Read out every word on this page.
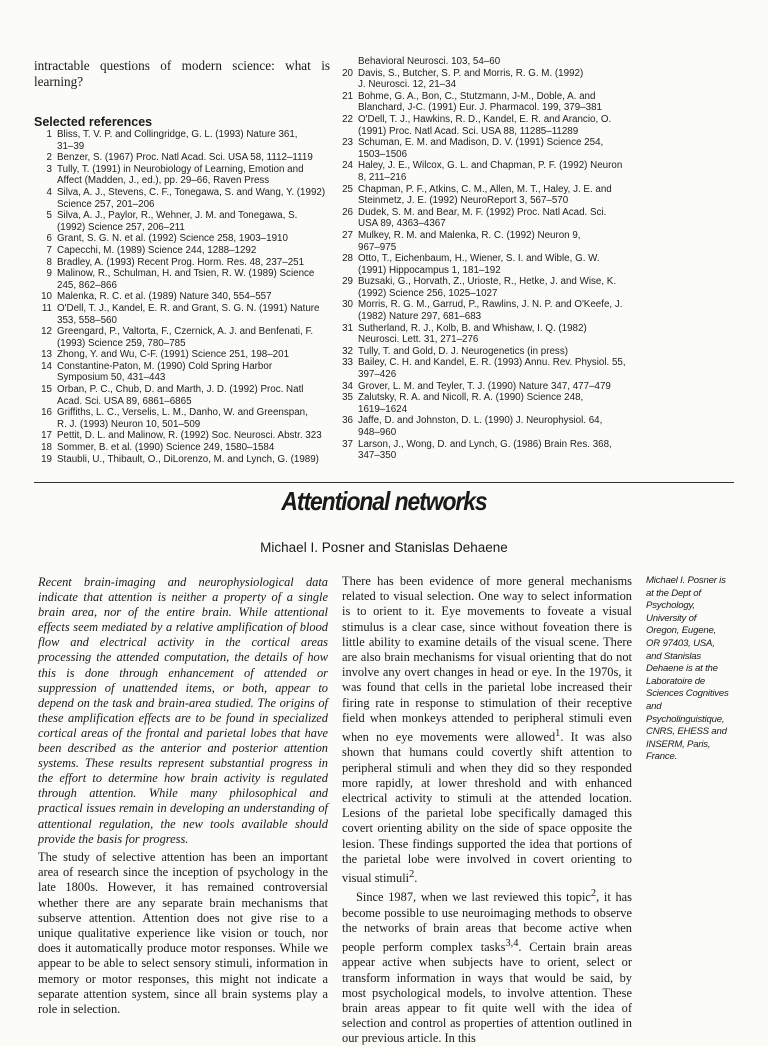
intractable questions of modern science: what is learning?
Selected references
1 Bliss, T. V. P. and Collingridge, G. L. (1993) Nature 361,
31–39
2 Benzer, S. (1967) Proc. Natl Acad. Sci. USA 58, 1112–1119
3 Tully, T. (1991) in Neurobiology of Learning, Emotion and
Affect (Madden, J., ed.), pp. 29–66, Raven Press
4 Silva, A. J., Stevens, C. F., Tonegawa, S. and Wang, Y. (1992)
Science 257, 201–206
5 Silva, A. J., Paylor, R., Wehner, J. M. and Tonegawa, S.
(1992) Science 257, 206–211
6 Grant, S. G. N. et al. (1992) Science 258, 1903–1910
7 Capecchi, M. (1989) Science 244, 1288–1292
8 Bradley, A. (1993) Recent Prog. Horm. Res. 48, 237–251
9 Malinow, R., Schulman, H. and Tsien, R. W. (1989) Science
245, 862–866
10 Malenka, R. C. et al. (1989) Nature 340, 554–557
11 O'Dell, T. J., Kandel, E. R. and Grant, S. G. N. (1991) Nature
353, 558–560
12 Greengard, P., Valtorta, F., Czernick, A. J. and Benfenati, F.
(1993) Science 259, 780–785
13 Zhong, Y. and Wu, C-F. (1991) Science 251, 198–201
14 Constantine-Paton, M. (1990) Cold Spring Harbor
Symposium 50, 431–443
15 Orban, P. C., Chub, D. and Marth, J. D. (1992) Proc. Natl
Acad. Sci. USA 89, 6861–6865
16 Griffiths, L. C., Verselis, L. M., Danho, W. and Greenspan,
R. J. (1993) Neuron 10, 501–509
17 Pettit, D. L. and Malinow, R. (1992) Soc. Neurosci. Abstr. 323
18 Sommer, B. et al. (1990) Science 249, 1580–1584
19 Staubli, U., Thibault, O., DiLorenzo, M. and Lynch, G. (1989)
Behavioral Neurosci. 103, 54–60
20 Davis, S., Butcher, S. P. and Morris, R. G. M. (1992)
J. Neurosci. 12, 21–34
21 Bohme, G. A., Bon, C., Stutzmann, J-M., Doble, A. and
Blanchard, J-C. (1991) Eur. J. Pharmacol. 199, 379–381
22 O'Dell, T. J., Hawkins, R. D., Kandel, E. R. and Arancio, O.
(1991) Proc. Natl Acad. Sci. USA 88, 11285–11289
23 Schuman, E. M. and Madison, D. V. (1991) Science 254,
1503–1506
24 Haley, J. E., Wilcox, G. L. and Chapman, P. F. (1992) Neuron
8, 211–216
25 Chapman, P. F., Atkins, C. M., Allen, M. T., Haley, J. E. and
Steinmetz, J. E. (1992) NeuroReport 3, 567–570
26 Dudek, S. M. and Bear, M. F. (1992) Proc. Natl Acad. Sci.
USA 89, 4363–4367
27 Mulkey, R. M. and Malenka, R. C. (1992) Neuron 9,
967–975
28 Otto, T., Eichenbaum, H., Wiener, S. I. and Wible, G. W.
(1991) Hippocampus 1, 181–192
29 Buzsaki, G., Horvath, Z., Urioste, R., Hetke, J. and Wise, K.
(1992) Science 256, 1025–1027
30 Morris, R. G. M., Garrud, P., Rawlins, J. N. P. and O'Keefe, J.
(1982) Nature 297, 681–683
31 Sutherland, R. J., Kolb, B. and Whishaw, I. Q. (1982)
Neurosci. Lett. 31, 271–276
32 Tully, T. and Gold, D. J. Neurogenetics (in press)
33 Bailey, C. H. and Kandel, E. R. (1993) Annu. Rev. Physiol. 55,
397–426
34 Grover, L. M. and Teyler, T. J. (1990) Nature 347, 477–479
35 Zalutsky, R. A. and Nicoll, R. A. (1990) Science 248,
1619–1624
36 Jaffe, D. and Johnston, D. L. (1990) J. Neurophysiol. 64,
948–960
37 Larson, J., Wong, D. and Lynch, G. (1986) Brain Res. 368,
347–350
Attentional networks
Michael I. Posner and Stanislas Dehaene
Recent brain-imaging and neurophysiological data indicate that attention is neither a property of a single brain area, nor of the entire brain. While attentional effects seem mediated by a relative amplification of blood flow and electrical activity in the cortical areas processing the attended computation, the details of how this is done through enhancement of attended or suppression of unattended items, or both, appear to depend on the task and brain-area studied. The origins of these amplification effects are to be found in specialized cortical areas of the frontal and parietal lobes that have been described as the anterior and posterior attention systems. These results represent substantial progress in the effort to determine how brain activity is regulated through attention. While many philosophical and practical issues remain in developing an understanding of attentional regulation, the new tools available should provide the basis for progress.

The study of selective attention has been an important area of research since the inception of psychology in the late 1800s. However, it has remained controversial whether there are any separate brain mechanisms that subserve attention. Attention does not give rise to a unique qualitative experience like vision or touch, nor does it automatically produce motor responses. While we appear to be able to select sensory stimuli, information in memory or motor responses, this might not indicate a separate attention system, since all brain systems play a role in selection.

There has been evidence of more general mechanisms related to visual selection. One way to select information is to orient to it. Eye movements to foveate a visual stimulus is a clear case, since without foveation there is little ability to examine details of the visual scene. There are also brain mechanisms for visual orienting that do not involve any overt changes in head or eye. In the 1970s, it was found that cells in the parietal lobe increased their firing rate in response to stimulation of their receptive field when monkeys attended to peripheral stimuli even when no eye movements were allowed$^1$. It was also shown that humans could covertly shift attention to peripheral stimuli and when they did so they responded more rapidly, at lower threshold and with enhanced electrical activity to stimuli at the attended location. Lesions of the parietal lobe specifically damaged this covert orienting ability on the side of space opposite the lesion. These findings supported the idea that portions of the parietal lobe were involved in covert orienting to visual stimuli$^2$.

Since 1987, when we last reviewed this topic$^2$, it has become possible to use neuroimaging methods to observe the networks of brain areas that become active when people perform complex tasks$^{3,4}$. Certain brain areas appear active when subjects have to orient, select or transform information in ways that would be said, by most psychological models, to involve attention. These brain areas appear to fit quite well with the idea of selection and control as properties of attention outlined in our previous article. In this

Michael I. Posner is at the Dept of Psychology, University of Oregon, Eugene, OR 97403, USA, and Stanislas Dehaene is at the Laboratoire de Sciences Cognitives and Psycholinguistique, CNRS, EHESS and INSERM, Paris, France.
